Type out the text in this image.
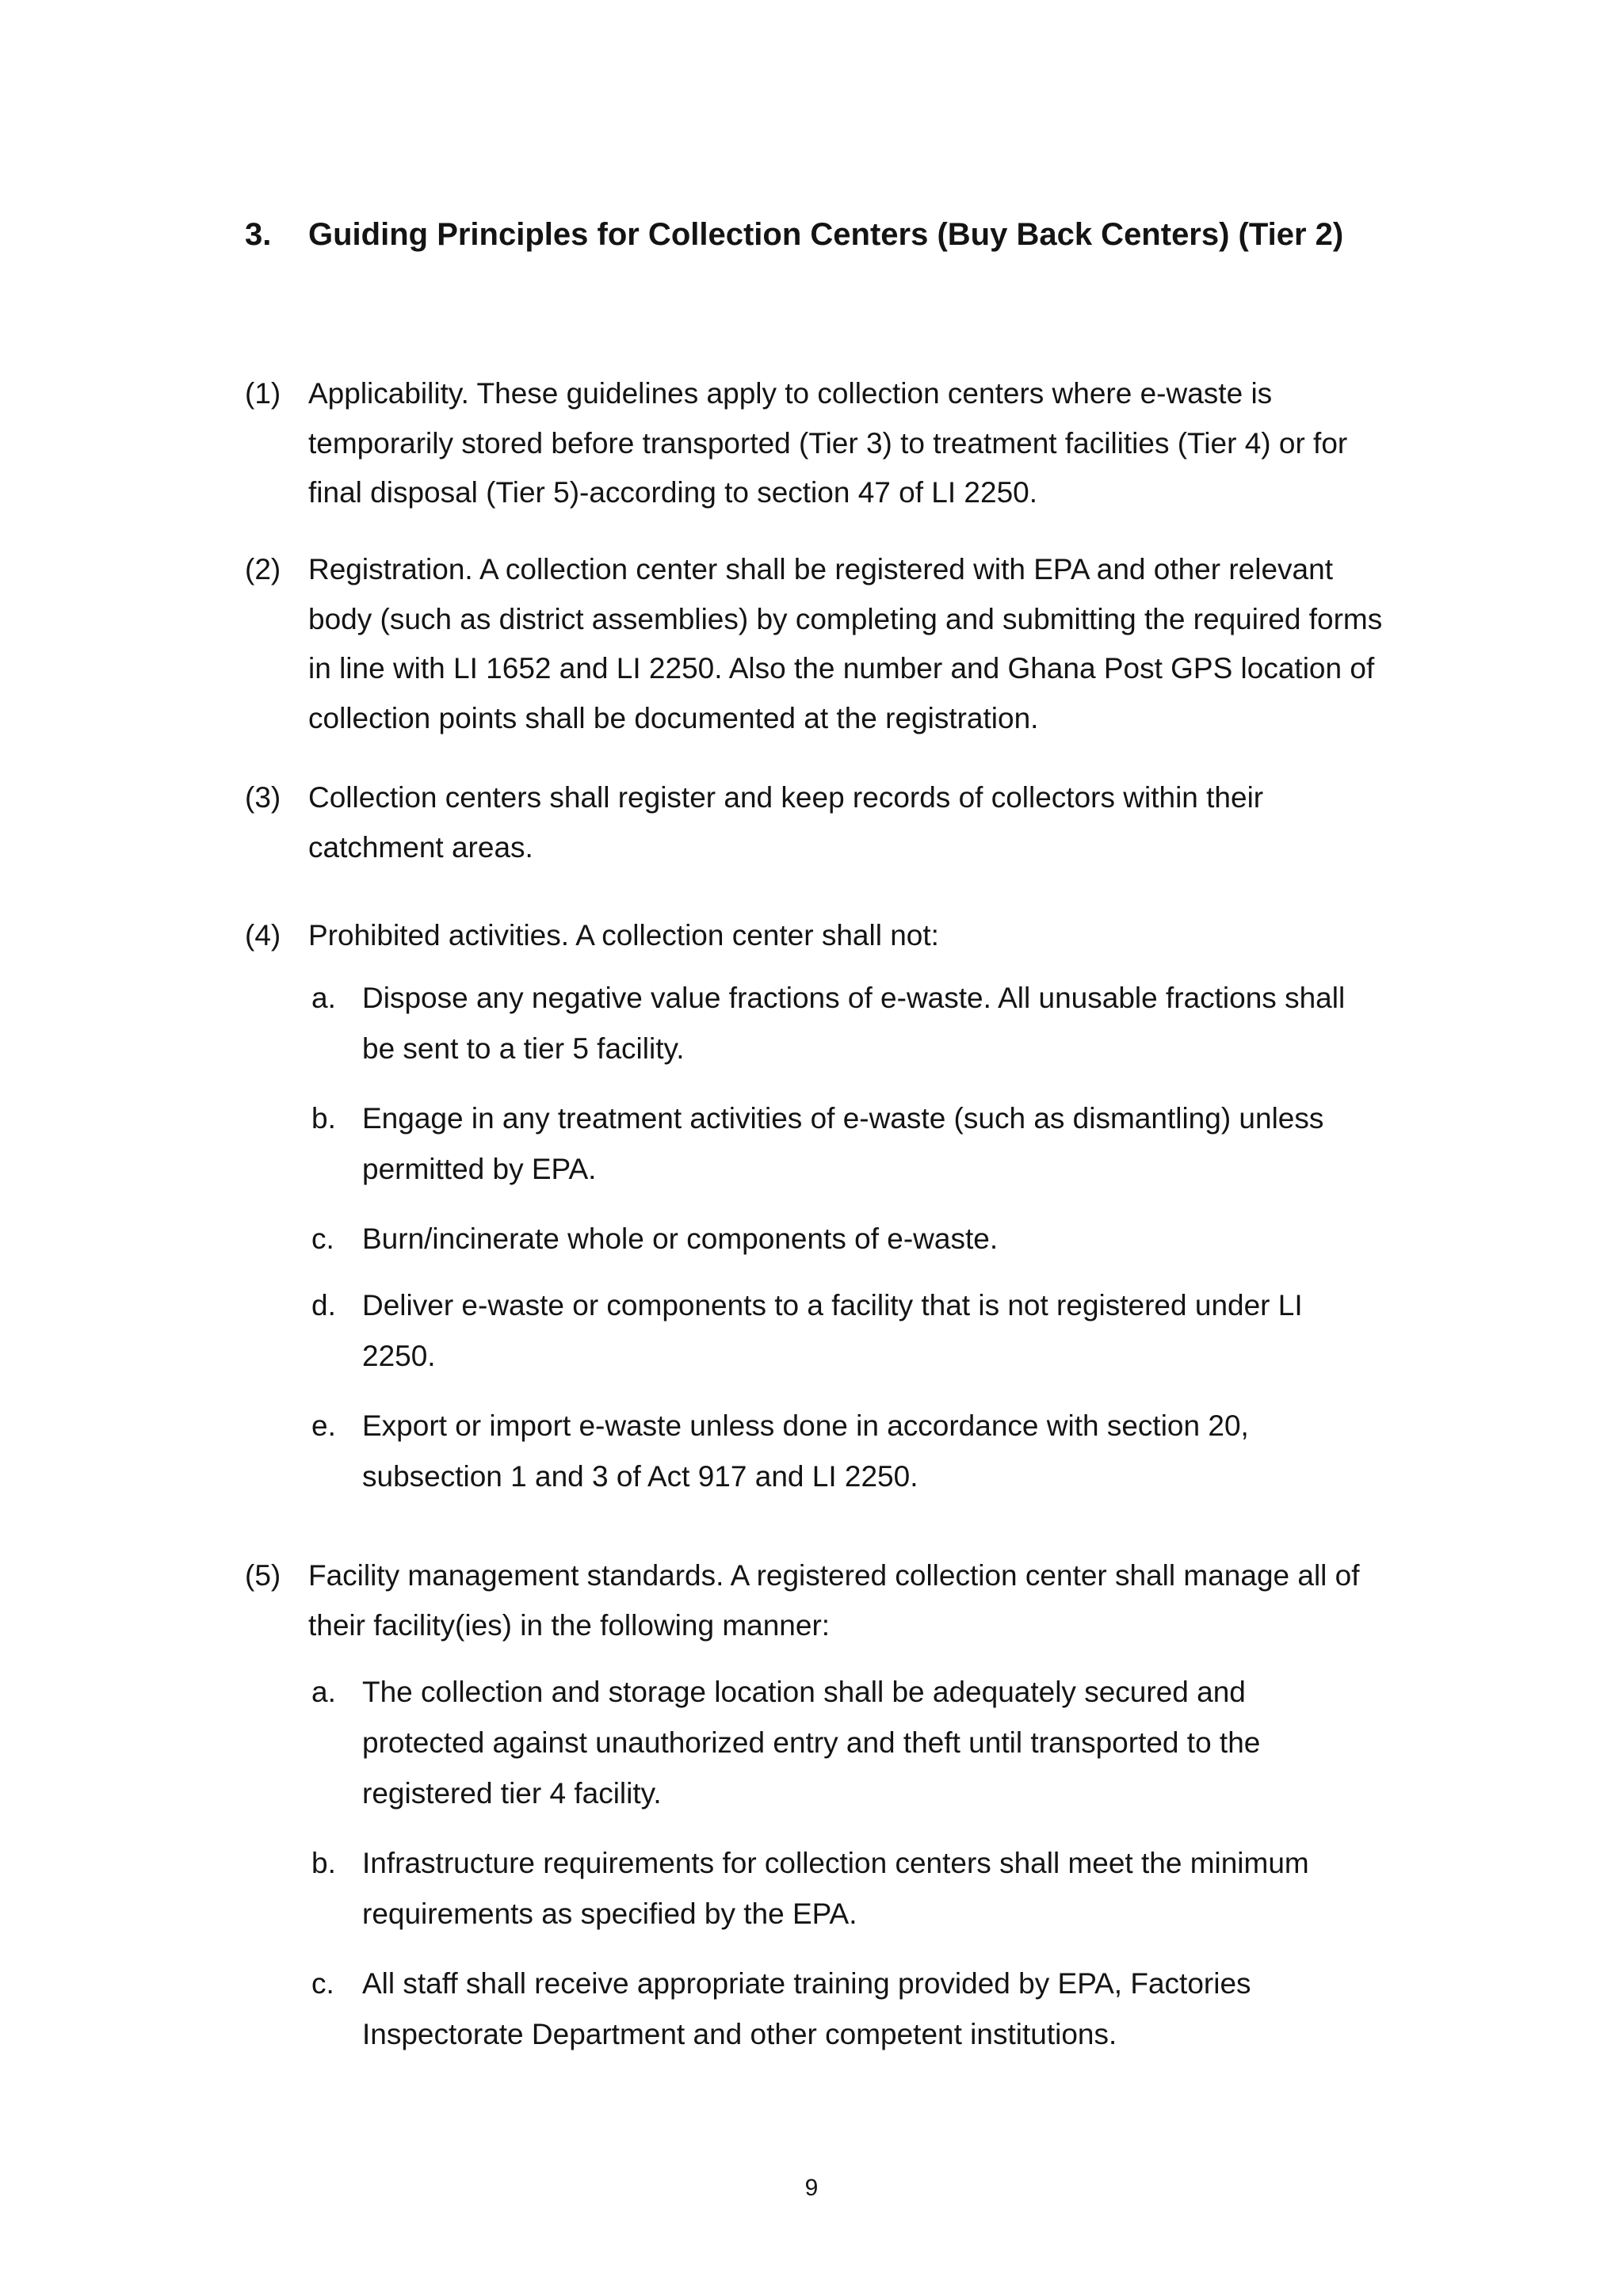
3. Guiding Principles for Collection Centers (Buy Back Centers) (Tier 2)
(1) Applicability. These guidelines apply to collection centers where e-waste is temporarily stored before transported (Tier 3) to treatment facilities (Tier 4) or for final disposal (Tier 5)-according to section 47 of LI 2250.
(2) Registration. A collection center shall be registered with EPA and other relevant body (such as district assemblies) by completing and submitting the required forms in line with LI 1652 and LI 2250. Also the number and Ghana Post GPS location of collection points shall be documented at the registration.
(3) Collection centers shall register and keep records of collectors within their catchment areas.
(4) Prohibited activities. A collection center shall not:
a. Dispose any negative value fractions of e-waste. All unusable fractions shall be sent to a tier 5 facility.
b. Engage in any treatment activities of e-waste (such as dismantling) unless permitted by EPA.
c. Burn/incinerate whole or components of e-waste.
d. Deliver e-waste or components to a facility that is not registered under LI 2250.
e. Export or import e-waste unless done in accordance with section 20, subsection 1 and 3 of Act 917 and LI 2250.
(5) Facility management standards. A registered collection center shall manage all of their facility(ies) in the following manner:
a. The collection and storage location shall be adequately secured and protected against unauthorized entry and theft until transported to the registered tier 4 facility.
b. Infrastructure requirements for collection centers shall meet the minimum requirements as specified by the EPA.
c. All staff shall receive appropriate training provided by EPA, Factories Inspectorate Department and other competent institutions.
9
